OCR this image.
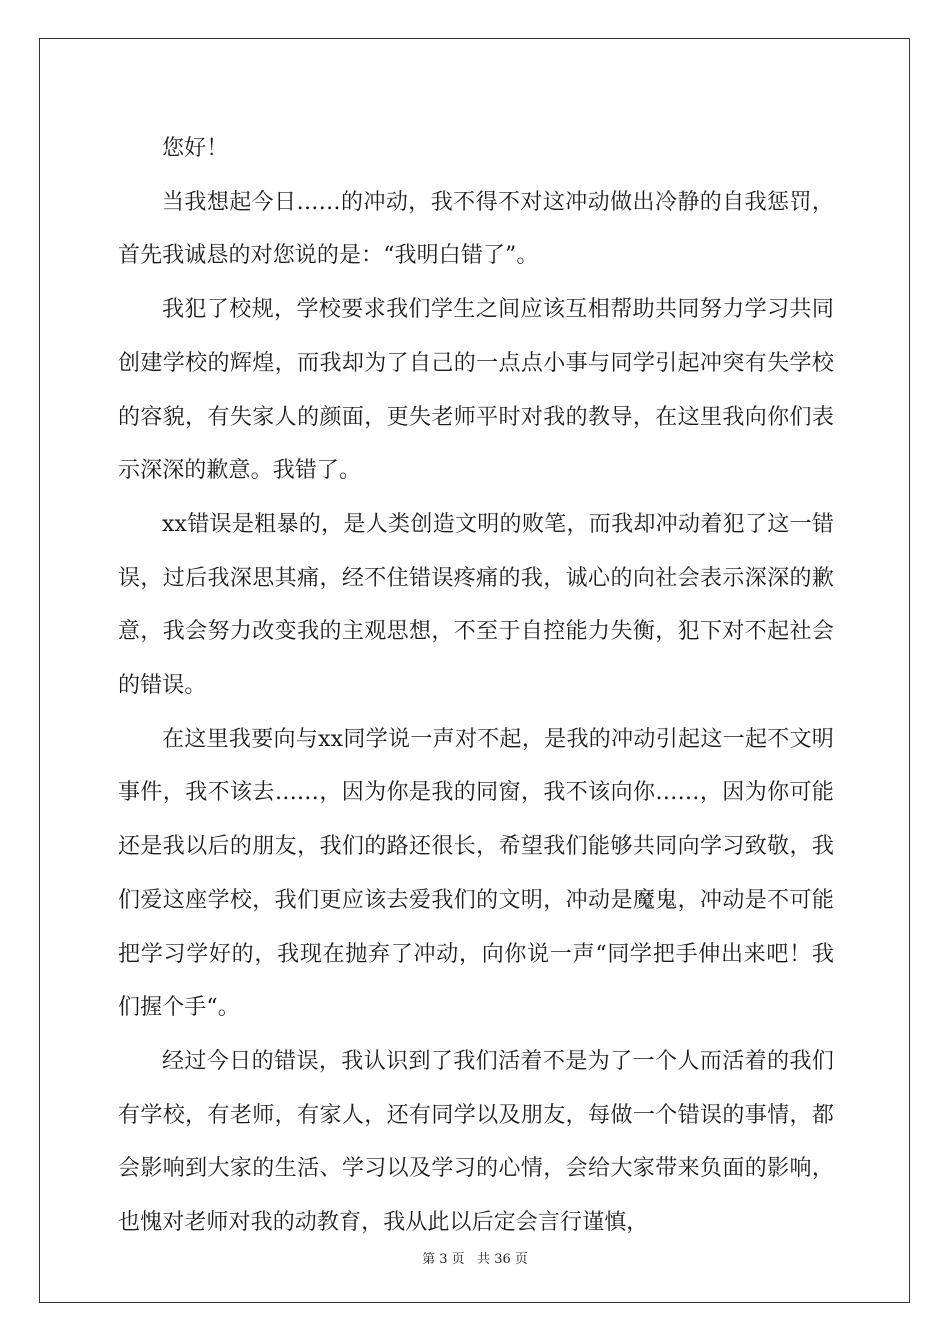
您好！

当我想起今日……的冲动，我不得不对这冲动做出冷静的自我惩罚，首先我诚恳的对您说的是：“我明白错了”。

我犯了校规，学校要求我们学生之间应该互相帮助共同努力学习共同创建学校的辉煌，而我却为了自己的一点点小事与同学引起冲突有失学校的容貌，有失家人的颜面，更失老师平时对我的教导，在这里我向你们表示深深的歉意。我错了。

xx错误是粗暴的，是人类创造文明的败笔，而我却冲动着犯了这一错误，过后我深思其痛，经不住错误疼痛的我，诚心的向社会表示深深的歉意，我会努力改变我的主观思想，不至于自控能力失衡，犯下对不起社会的错误。

在这里我要向与xx同学说一声对不起，是我的冲动引起这一起不文明事件，我不该去……，因为你是我的同窗，我不该向你……，因为你可能还是我以后的朋友，我们的路还很长，希望我们能够共同向学习致敬，我们爱这座学校，我们更应该去爱我们的文明，冲动是魔鬼，冲动是不可能把学习学好的，我现在抛弃了冲动，向你说一声“同学把手伸出来吧！我们握个手“。

经过今日的错误，我认识到了我们活着不是为了一个人而活着的我们有学校，有老师，有家人，还有同学以及朋友，每做一个错误的事情，都会影响到大家的生活、学习以及学习的心情，会给大家带来负面的影响，也愧对老师对我的动教育，我从此以后定会言行谨慎，

第 3 页   共 36 页
